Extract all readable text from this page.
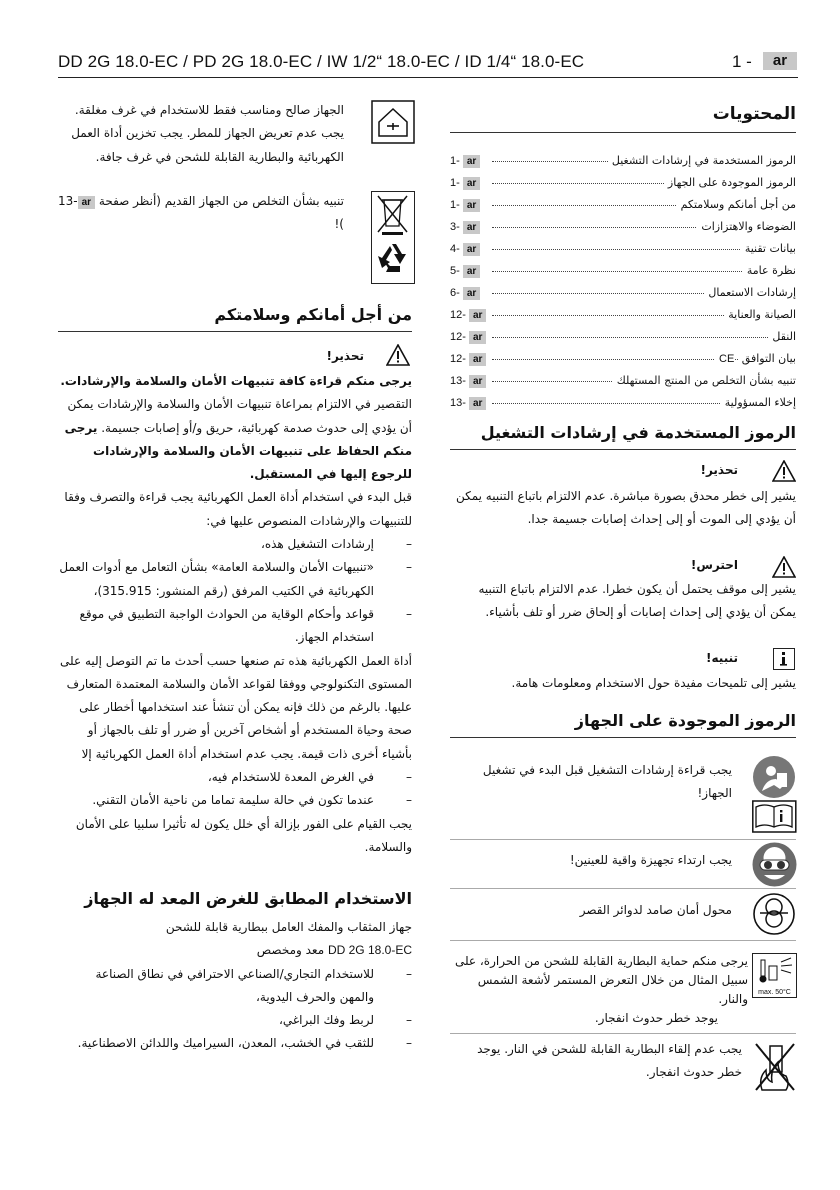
DD 2G 18.0-EC / PD 2G 18.0-EC / IW 1/2“ 18.0-EC / ID 1/4“ 18.0-EC	1 -	ar
المحتويات
1- ar	الرموز المستخدمة في إرشادات التشغيل
1- ar	الرموز الموجودة على الجهاز
1- ar	من أجل أمانكم وسلامتكم
3- ar	الضوضاء والاهتزازات
4- ar	بيانات تقنية
5- ar	نظرة عامة
6- ar	إرشادات الاستعمال
12- ar	الصيانة والعناية
12- ar	النقل
12- ar	بيان التوافق CE
13- ar	تنبيه بشأن التخلص من المنتج المستهلك
13- ar	إخلاء المسؤولية
الرموز المستخدمة في إرشادات التشغيل
تحذير!
يشير إلى خطر محدق بصورة مباشرة. عدم الالتزام باتباع التنبيه يمكن أن يؤدي إلى الموت أو إلى إحداث إصابات جسيمة جدا.
احترس!
يشير إلى موقف يحتمل أن يكون خطرا. عدم الالتزام باتباع التنبيه يمكن أن يؤدي إلى إحداث إصابات أو إلحاق ضرر أو تلف بأشياء.
تنبيه!
يشير إلى تلميحات مفيدة حول الاستخدام ومعلومات هامة.
الرموز الموجودة على الجهاز
يجب قراءة إرشادات التشغيل قبل البدء في تشغيل الجهاز!
يجب ارتداء تجهيزة واقية للعينين!
محول أمان صامد لدوائر القصر
max. 50°C

يرجى منكم حماية البطارية القابلة للشحن من الحرارة، على سبيل المثال من خلال التعرض المستمر لأشعة الشمس والنار.

يوجد خطر حدوث انفجار.

يجب عدم إلقاء البطارية القابلة للشحن في النار. يوجد خطر حدوث انفجار.
الجهاز صالح ومناسب فقط للاستخدام في غرف مغلقة. يجب عدم تعريض الجهاز للمطر. يجب تخزين أداة العمل الكهربائية والبطارية القابلة للشحن في غرف جافة.
تنبيه بشأن التخلص من الجهاز القديم (أنظر صفحة ar13-)!
من أجل أمانكم وسلامتكم
تحذير!

يرجى منكم قراءة كافة تنبيهات الأمان والسلامة والإرشادات.

التقصير في الالتزام بمراعاة تنبيهات الأمان والسلامة والإرشادات يمكن أن يؤدي إلى حدوث صدمة كهربائية، حريق و/أو إصابات جسيمة. يرجى منكم الحفاظ على تنبيهات الأمان والسلامة والإرشادات للرجوع إليها في المستقبل.

قبل البدء في استخدام أداة العمل الكهربائية يجب قراءة والتصرف وفقا للتنبيهات والإرشادات المنصوص عليها في:

– إرشادات التشغيل هذه،

– «تنبيهات الأمان والسلامة العامة» بشأن التعامل مع أدوات العمل الكهربائية في الكتيب المرفق (رقم المنشور: 315.915)،

– قواعد وأحكام الوقاية من الحوادث الواجبة التطبيق في موقع استخدام الجهاز.

أداة العمل الكهربائية هذه تم صنعها حسب أحدث ما تم التوصل إليه على المستوى التكنولوجي ووفقا لقواعد الأمان والسلامة المعتمدة المتعارف عليها. بالرغم من ذلك فإنه يمكن أن تنشأ عند استخدامها أخطار على صحة وحياة المستخدم أو أشخاص آخرين أو ضرر أو تلف بالجهاز أو بأشياء أخرى ذات قيمة. يجب عدم استخدام أداة العمل الكهربائية إلا

– في الغرض المعدة للاستخدام فيه،

– عندما تكون في حالة سليمة تماما من ناحية الأمان التقني.

يجب القيام على الفور بإزالة أي خلل يكون له تأثيرا سلبيا على الأمان والسلامة.

الاستخدام المطابق للغرض المعد له الجهاز

جهاز المثقاب والمفك العامل ببطارية قابلة للشحن

DD 2G 18.0-EC معد ومخصص

– للاستخدام التجاري/الصناعي الاحترافي في نطاق الصناعة والمهن والحرف اليدوية،

– لربط وفك البراغي،

– للثقب في الخشب، المعدن، السيراميك واللدائن الاصطناعية.
